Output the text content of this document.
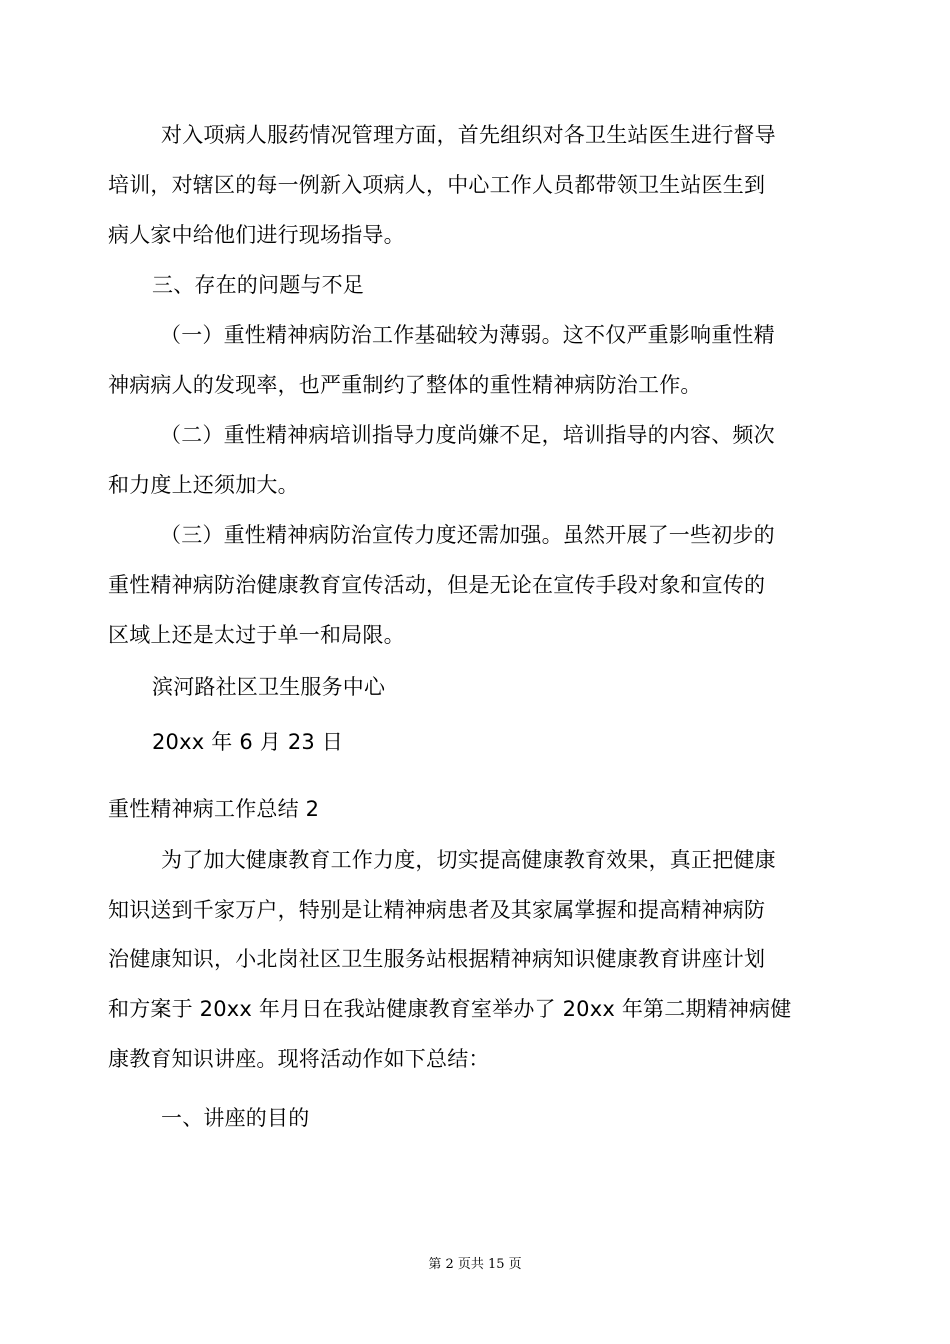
对入项病人服药情况管理方面，首先组织对各卫生站医生进行督导
培训，对辖区的每一例新入项病人，中心工作人员都带领卫生站医生到
病人家中给他们进行现场指导。
三、存在的问题与不足
（一）重性精神病防治工作基础较为薄弱。这不仅严重影响重性精
神病病人的发现率，也严重制约了整体的重性精神病防治工作。
（二）重性精神病培训指导力度尚嫌不足，培训指导的内容、频次
和力度上还须加大。
（三）重性精神病防治宣传力度还需加强。虽然开展了一些初步的
重性精神病防治健康教育宣传活动，但是无论在宣传手段对象和宣传的
区域上还是太过于单一和局限。
滨河路社区卫生服务中心
20xx 年 6 月 23 日
重性精神病工作总结 2
为了加大健康教育工作力度，切实提高健康教育效果，真正把健康
知识送到千家万户，特别是让精神病患者及其家属掌握和提高精神病防
治健康知识，小北岗社区卫生服务站根据精神病知识健康教育讲座计划
和方案于 20xx 年月日在我站健康教育室举办了 20xx 年第二期精神病健
康教育知识讲座。现将活动作如下总结：
一、讲座的目的
第 2 页共 15 页
